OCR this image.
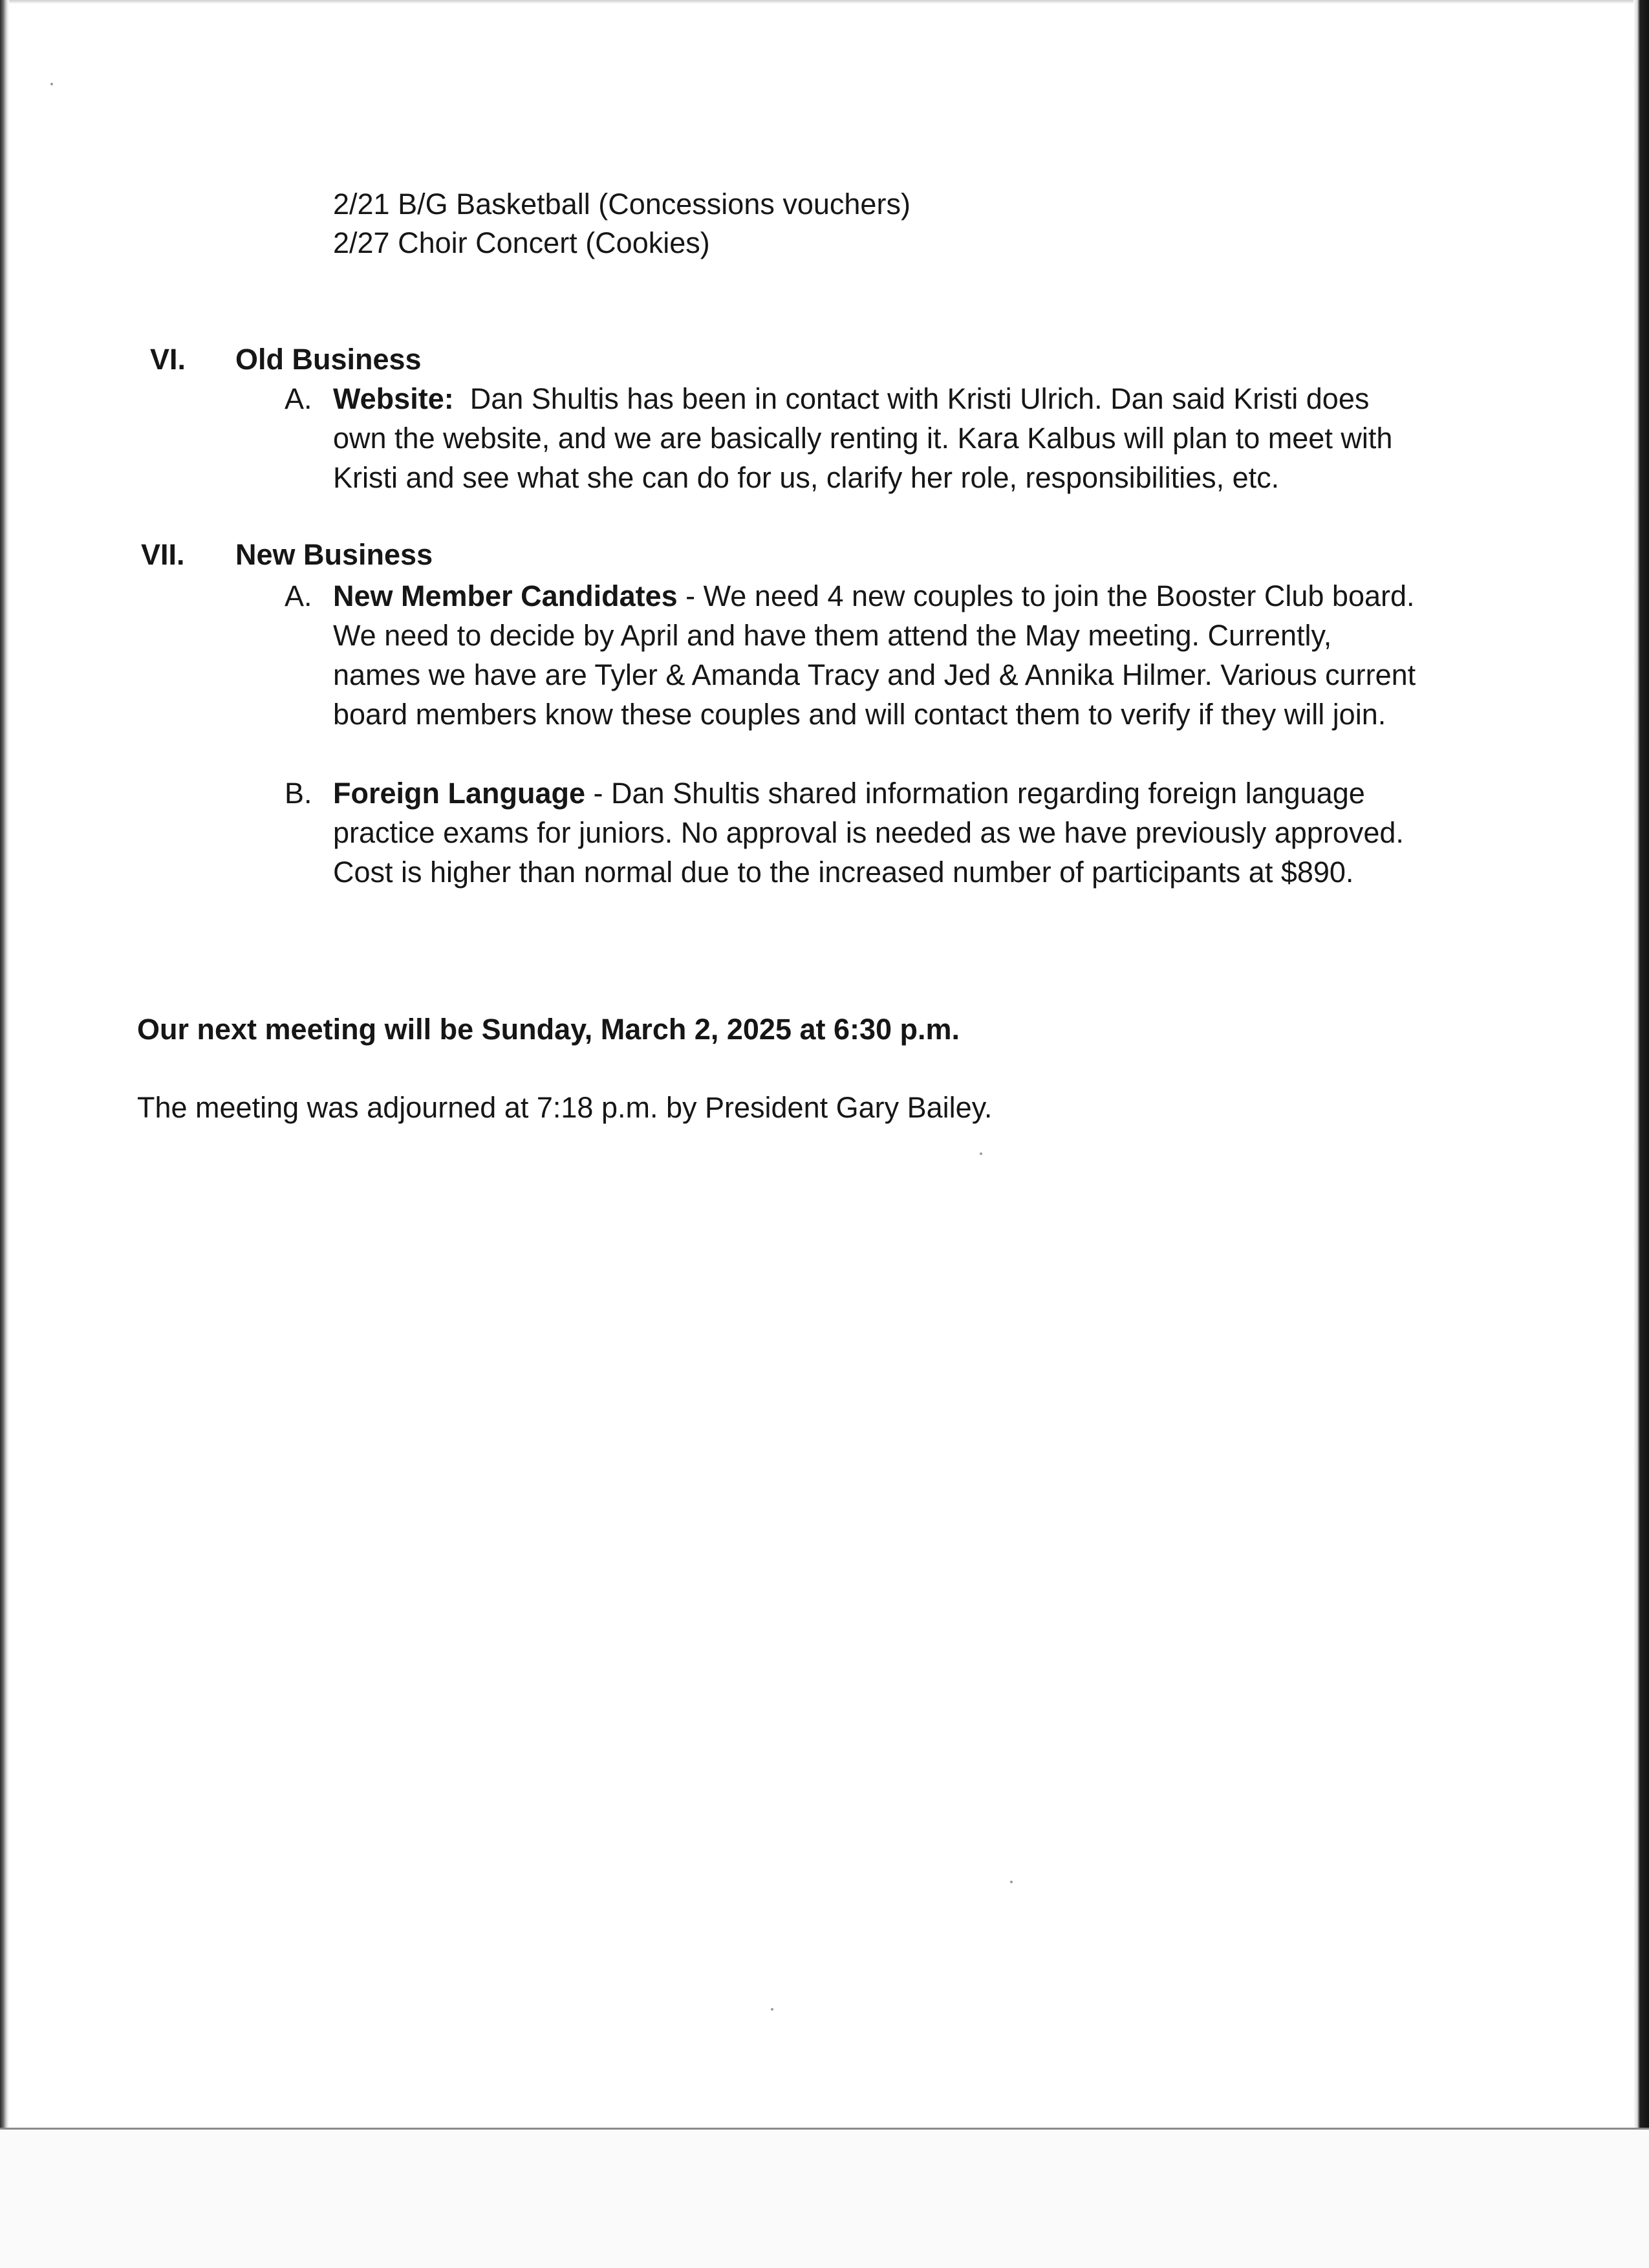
2/21 B/G Basketball (Concessions vouchers)
2/27 Choir Concert (Cookies)
VI. Old Business
A. Website: Dan Shultis has been in contact with Kristi Ulrich. Dan said Kristi does own the website, and we are basically renting it. Kara Kalbus will plan to meet with Kristi and see what she can do for us, clarify her role, responsibilities, etc.
VII. New Business
A. New Member Candidates - We need 4 new couples to join the Booster Club board. We need to decide by April and have them attend the May meeting. Currently, names we have are Tyler & Amanda Tracy and Jed & Annika Hilmer. Various current board members know these couples and will contact them to verify if they will join.
B. Foreign Language - Dan Shultis shared information regarding foreign language practice exams for juniors. No approval is needed as we have previously approved. Cost is higher than normal due to the increased number of participants at $890.
Our next meeting will be Sunday, March 2, 2025 at 6:30 p.m.
The meeting was adjourned at 7:18 p.m. by President Gary Bailey.
